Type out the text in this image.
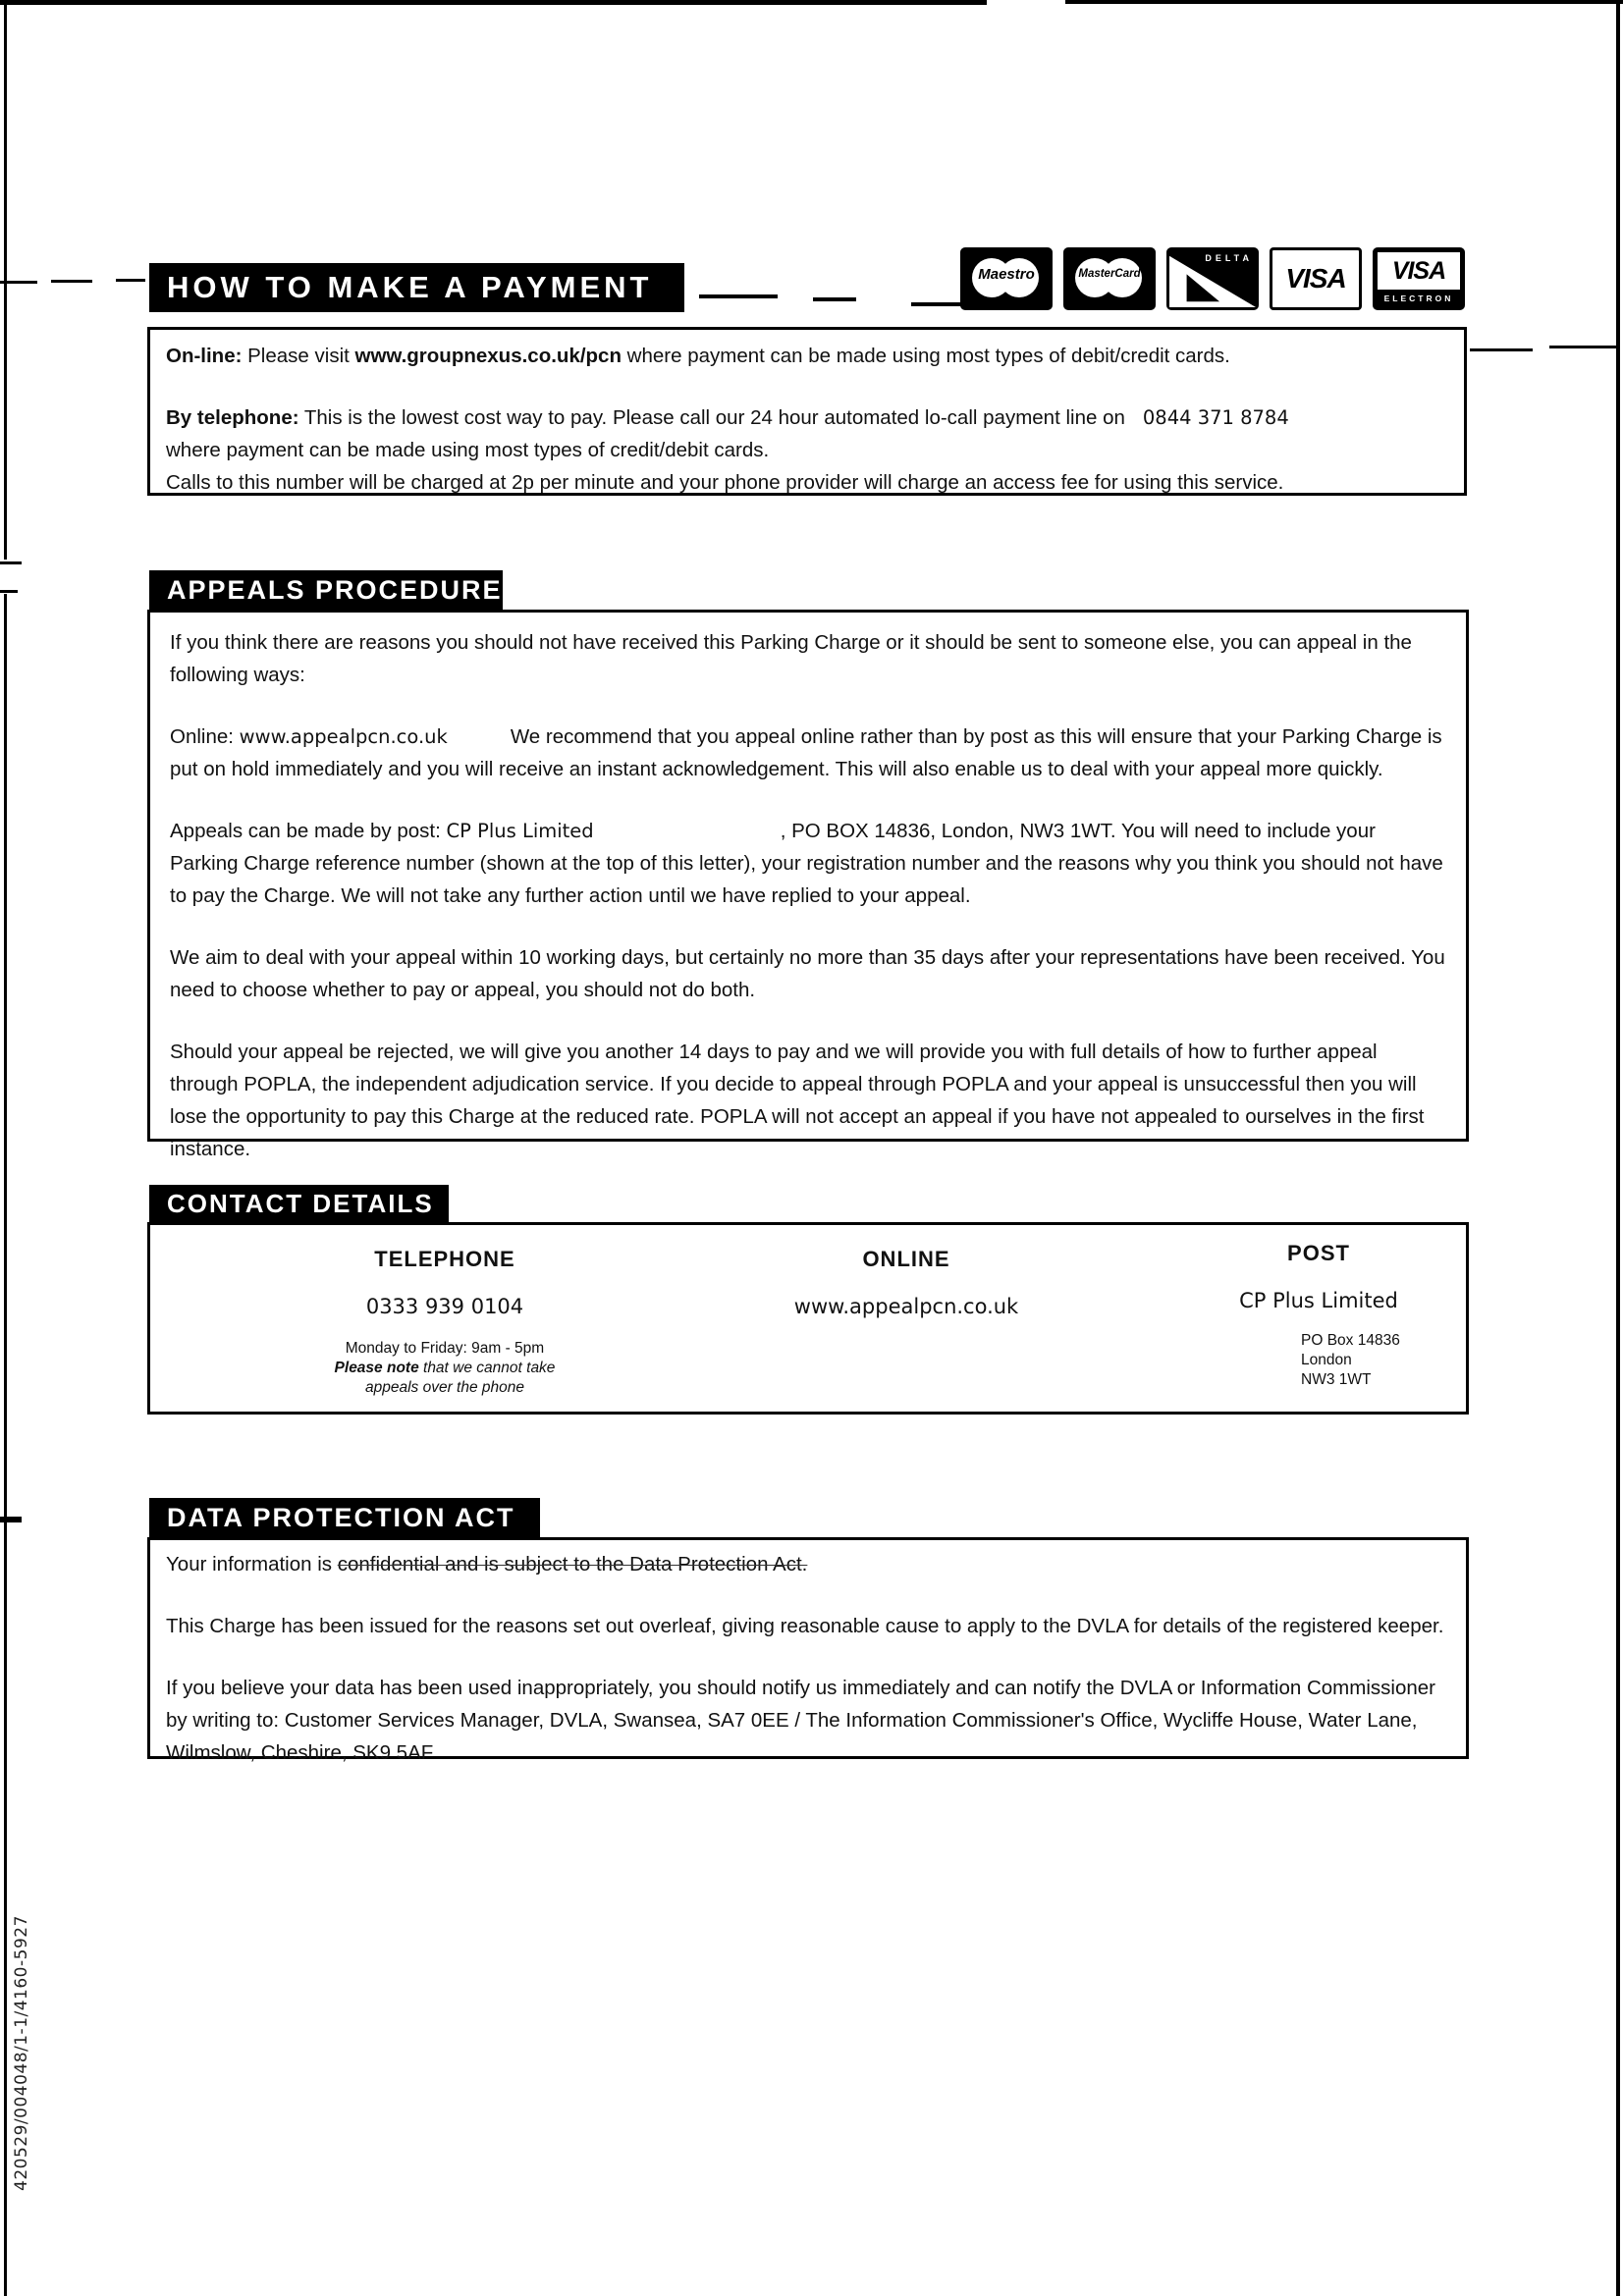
HOW TO MAKE A PAYMENT	Maestro	MasterCard
DELTA
VISA VISA
ELECTRON

On-line: Please visit www.groupnexus.co.uk/pcn where payment can be made using most types of debit/credit cards.

By telephone: This is the lowest cost way to pay. Please call our 24 hour automated lo-call payment line on 0844 371 8784
where payment can be made using most types of credit/debit cards.
Calls to this number will be charged at 2p per minute and your phone provider will charge an access fee for using this service.

APPEALS PROCEDURE

If you think there are reasons you should not have received this Parking Charge or it should be sent to someone else, you can appeal in the following ways:

Online: www.appealpcn.co.uk	We recommend that you appeal online rather than by post as this will ensure that your Parking Charge is put on hold immediately and you will receive an instant acknowledgement. This will also enable us to deal with your appeal more quickly.

Appeals can be made by post: CP Plus Limited	, PO BOX 14836, London, NW3 1WT. You will need to include your Parking Charge reference number (shown at the top of this letter), your registration number and the reasons why you think you should not have to pay the Charge. We will not take any further action until we have replied to your appeal.

We aim to deal with your appeal within 10 working days, but certainly no more than 35 days after your representations have been received. You need to choose whether to pay or appeal, you should not do both.

Should your appeal be rejected, we will give you another 14 days to pay and we will provide you with full details of how to further appeal through POPLA, the independent adjudication service. If you decide to appeal through POPLA and your appeal is unsuccessful then you will lose the opportunity to pay this Charge at the reduced rate. POPLA will not accept an appeal if you have not appealed to ourselves in the first instance.

CONTACT DETAILS
TELEPHONE
0333 939 0104
Monday to Friday: 9am - 5pm
Please note that we cannot take
appeals over the phone
ONLINE
www.appealpcn.co.uk
POST
CP Plus Limited
PO Box 14836
London
NW3 1WT
DATA PROTECTION ACT

Your information is confidential and is subject to the Data Protection Act.

This Charge has been issued for the reasons set out overleaf, giving reasonable cause to apply to the DVLA for details of the registered keeper.

If you believe your data has been used inappropriately, you should notify us immediately and can notify the DVLA or Information Commissioner by writing to: Customer Services Manager, DVLA, Swansea, SA7 0EE / The Information Commissioner's Office, Wycliffe House, Water Lane, Wilmslow, Cheshire, SK9 5AF

420529/004048/1-1/4160-5927
